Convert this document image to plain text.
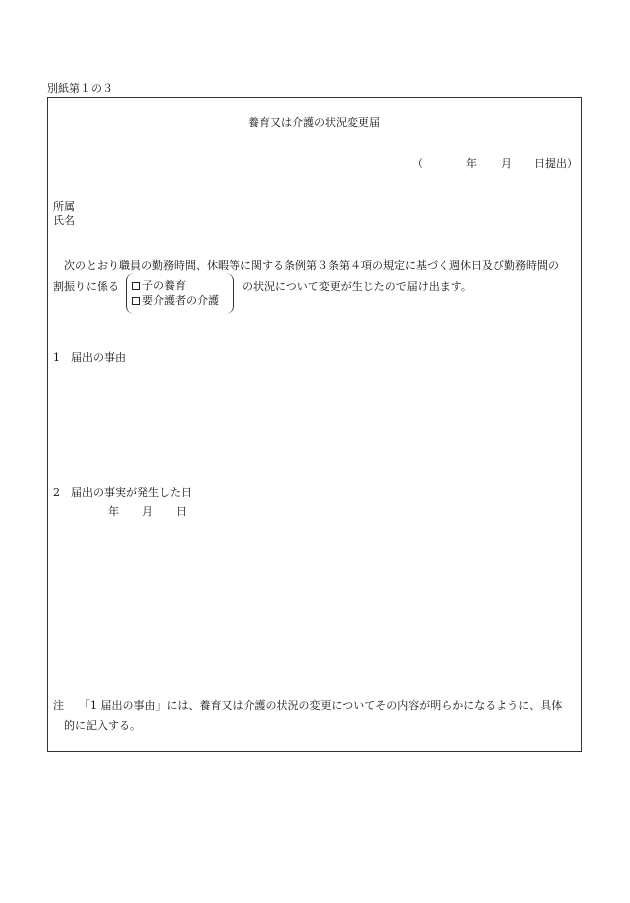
別紙第１の３
養育又は介護の状況変更届
（	年 月 日提出）
所属
氏名
次のとおり職員の勤務時間、休暇等に関する条例第３条第４項の規定に基づく週休日及び勤務時間の
割振りに係る	子の養育
要介護者の介護
の状況について変更が生じたので届け出ます。
1 届出の事由
2 届出の事実が発生した日
年 月 日
注 「1 届出の事由」には、養育又は介護の状況の変更についてその内容が明らかになるように、具体
的に記入する。
